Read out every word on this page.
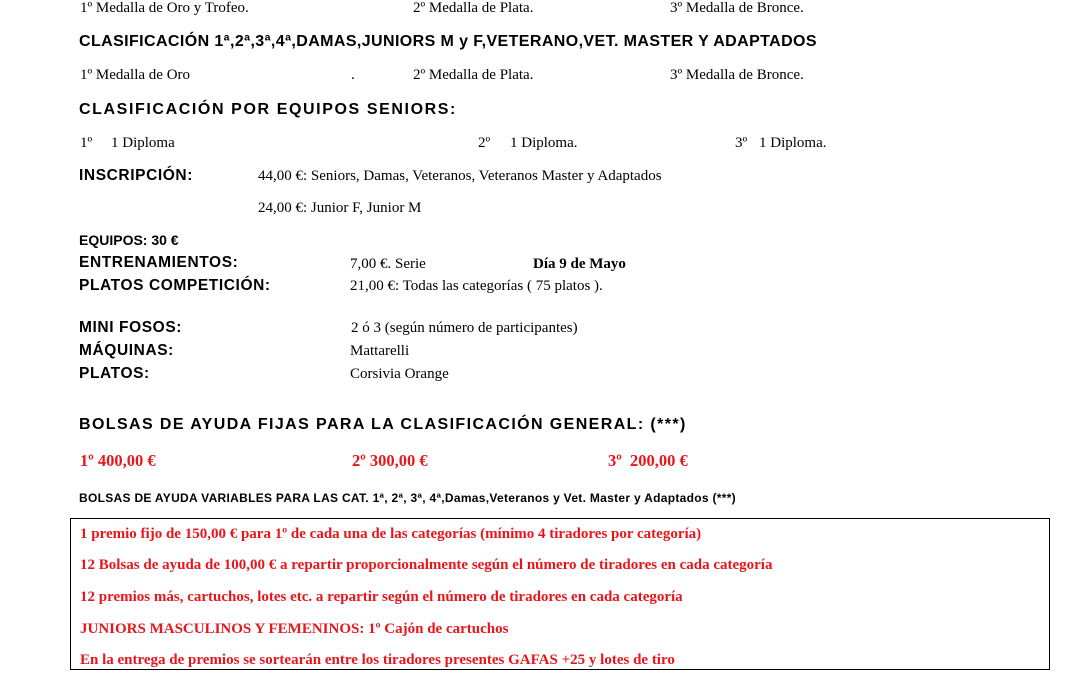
1º Medalla de Oro y Trofeo.	2º Medalla de Plata.	3º Medalla de Bronce.
CLASIFICACIÓN 1ª,2ª,3ª,4ª,DAMAS,JUNIORS M y F,VETERANO,VET. MASTER Y ADAPTADOS
1º Medalla de Oro	.	2º Medalla de Plata.	3º Medalla de Bronce.
CLASIFICACIÓN POR EQUIPOS SENIORS:
1º 1 Diploma	2º 1 Diploma.	3º 1 Diploma.
INSCRIPCIÓN:	44,00 €: Seniors, Damas, Veteranos, Veteranos Master y Adaptados
24,00 €: Junior F, Junior M
EQUIPOS: 30 €
ENTRENAMIENTOS:	7,00 €. Serie	Día 9 de Mayo
PLATOS COMPETICIÓN:	21,00 €: Todas las categorías ( 75 platos ).
MINI FOSOS:	2 ó 3 (según número de participantes)
MÁQUINAS:	Mattarelli
PLATOS:	Corsivia Orange
BOLSAS DE AYUDA FIJAS PARA LA CLASIFICACIÓN GENERAL: (***)
1º 400,00 €	2º 300,00 €	3º  200,00 €
BOLSAS DE AYUDA VARIABLES PARA LAS CAT. 1ª, 2ª, 3ª, 4ª,Damas,Veteranos y Vet. Master y Adaptados (***)
1 premio fijo de 150,00 € para 1º de cada una de las categorías (mínimo 4 tiradores por categoría)
12 Bolsas de ayuda de 100,00 € a repartir proporcionalmente según el número de tiradores en cada categoría
12 premios más, cartuchos, lotes etc. a repartir según el número de tiradores en cada categoría
JUNIORS MASCULINOS Y FEMENINOS: 1º Cajón de cartuchos
En la entrega de premios se sortearán entre los tiradores presentes GAFAS +25 y lotes de tiro
